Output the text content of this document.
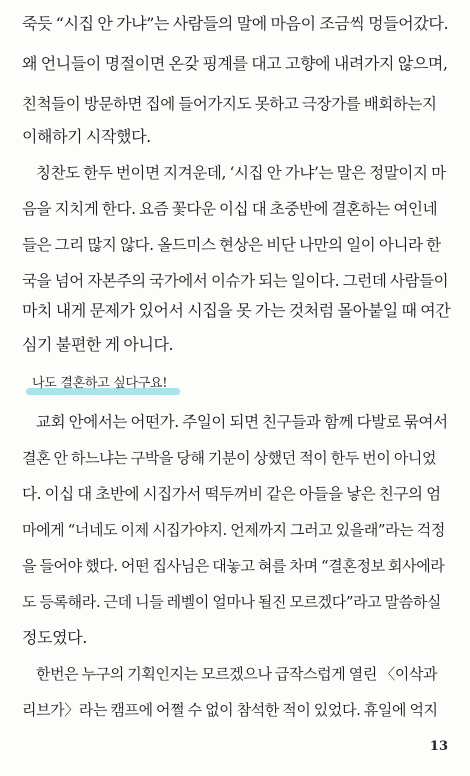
죽듯 “시집 안 가냐”는 사람들의 말에 마음이 조금씩 멍들어갔다.
왜 언니들이 명절이면 온갖 핑계를 대고 고향에 내려가지 않으며,
친척들이 방문하면 집에 들어가지도 못하고 극장가를 배회하는지
이해하기 시작했다.
칭찬도 한두 번이면 지겨운데, ‘시집 안 가냐’는 말은 정말이지 마
음을 지치게 한다. 요즘 꽃다운 이십 대 초중반에 결혼하는 여인네
들은 그리 많지 않다. 올드미스 현상은 비단 나만의 일이 아니라 한
국을 넘어 자본주의 국가에서 이슈가 되는 일이다. 그런데 사람들이
마치 내게 문제가 있어서 시집을 못 가는 것처럼 몰아붙일 때 여간
심기 불편한 게 아니다.
나도 결혼하고 싶다구요!
교회 안에서는 어떤가. 주일이 되면 친구들과 함께 다발로 묶여서
결혼 안 하느냐는 구박을 당해 기분이 상했던 적이 한두 번이 아니었
다. 이십 대 초반에 시집가서 떡두꺼비 같은 아들을 낳은 친구의 엄
마에게 “너네도 이제 시집가야지. 언제까지 그러고 있을래”라는 걱정
을 들어야 했다. 어떤 집사님은 대놓고 혀를 차며 “결혼정보 회사에라
도 등록해라. 근데 니들 레벨이 얼마나 될진 모르겠다”라고 말씀하실
정도였다.
한번은 누구의 기획인지는 모르겠으나 급작스럽게 열린 〈이삭과
리브가〉라는 캠프에 어쩔 수 없이 참석한 적이 있었다. 휴일에 억지
13
